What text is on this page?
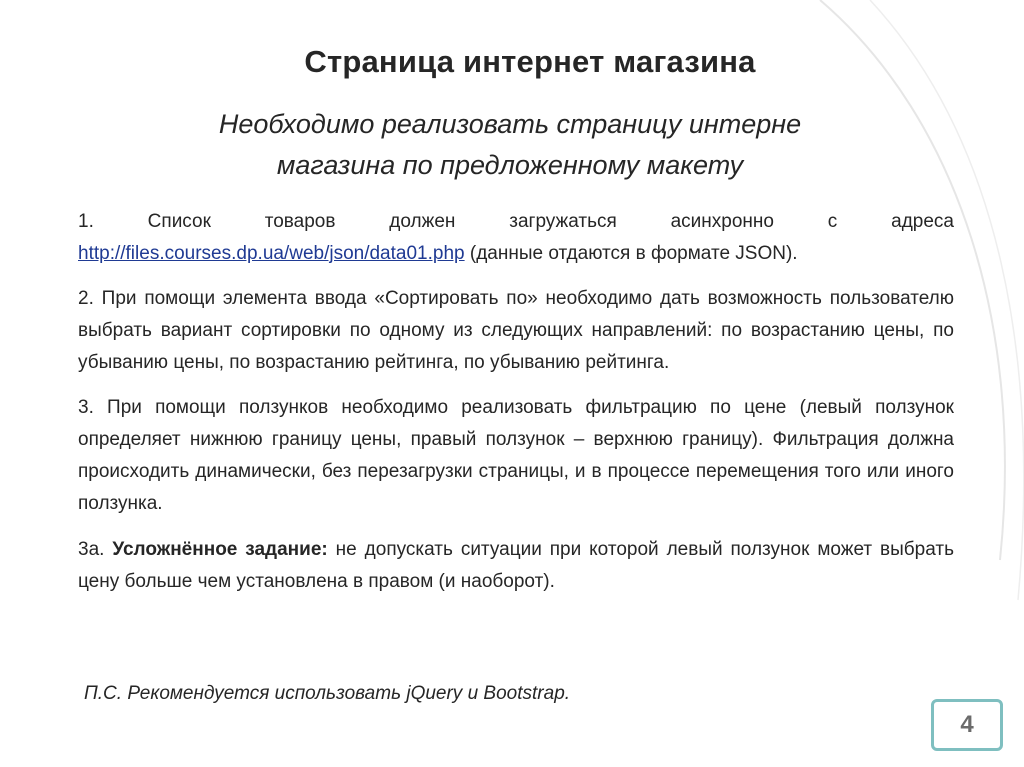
Страница интернет магазина
Необходимо реализовать страницу интерне
магазина по предложенному макету

1. Список товаров должен загружаться асинхронно с адреса http://files.courses.dp.ua/web/json/data01.php (данные отдаются в формате JSON).

2. При помощи элемента ввода «Сортировать по» необходимо дать возможность пользователю выбрать вариант сортировки по одному из следующих направлений: по возрастанию цены, по убыванию цены, по возрастанию рейтинга, по убыванию рейтинга.

3. При помощи ползунков необходимо реализовать фильтрацию по цене (левый ползунок определяет нижнюю границу цены, правый ползунок – верхнюю границу). Фильтрация должна происходить динамически, без перезагрузки страницы, и в процессе перемещения того или иного ползунка.

3а. Усложнённое задание: не допускать ситуации при которой левый ползунок может выбрать цену больше чем установлена в правом (и наоборот).

П.С. Рекомендуется использовать jQuery и Bootstrap.
4
